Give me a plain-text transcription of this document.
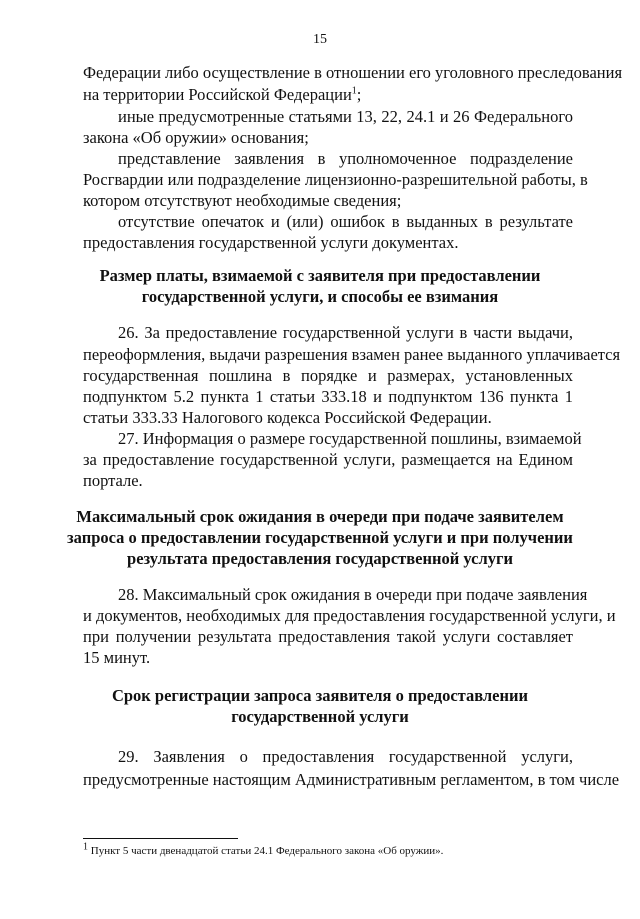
15
Федерации либо осуществление в отношении его уголовного преследования
на территории Российской Федерации$^1$;
иные предусмотренные статьями 13, 22, 24.1 и 26 Федерального
закона «Об оружии» основания;
представление заявления в уполномоченное подразделение
Росгвардии или подразделение лицензионно-разрешительной работы, в
котором отсутствуют необходимые сведения;
отсутствие опечаток и (или) ошибок в выданных в результате
предоставления государственной услуги документах.
Размер платы, взимаемой с заявителя при предоставлении
государственной услуги, и способы ее взимания
26. За предоставление государственной услуги в части выдачи,
переоформления, выдачи разрешения взамен ранее выданного уплачивается
государственная пошлина в порядке и размерах, установленных
подпунктом 5.2 пункта 1 статьи 333.18 и подпунктом 136 пункта 1
статьи 333.33 Налогового кодекса Российской Федерации.
27. Информация о размере государственной пошлины, взимаемой
за предоставление государственной услуги, размещается на Едином
портале.
Максимальный срок ожидания в очереди при подаче заявителем
запроса о предоставлении государственной услуги и при получении
результата предоставления государственной услуги
28. Максимальный срок ожидания в очереди при подаче заявления
и документов, необходимых для предоставления государственной услуги, и
при получении результата предоставления такой услуги составляет
15 минут.
Срок регистрации запроса заявителя о предоставлении
государственной услуги
29. Заявления о предоставления государственной услуги,
предусмотренные настоящим Административным регламентом, в том числе
$^1$ Пункт 5 части двенадцатой статьи 24.1 Федерального закона «Об оружии».
